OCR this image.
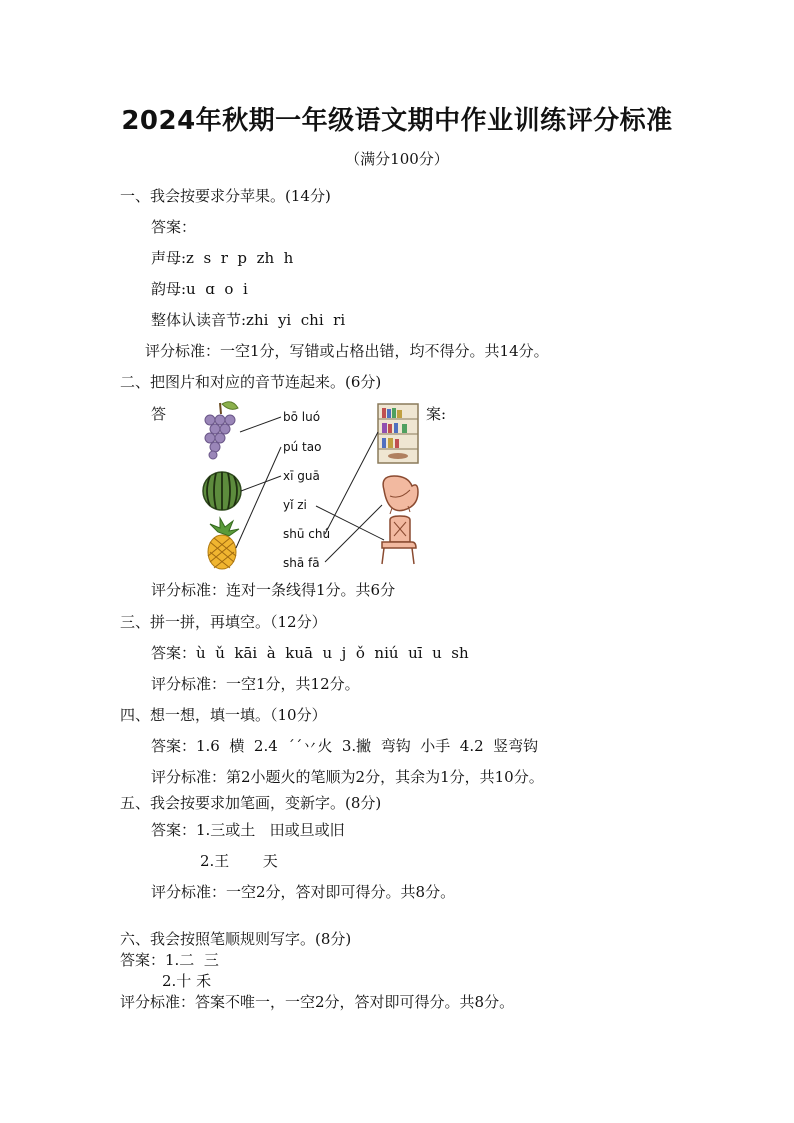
2024年秋期一年级语文期中作业训练评分标准
（满分100分）
一、我会按要求分苹果。(14分)
答案：
声母:z  s  r  p  zh  h
韵母:u  ɑ  o  i
整体认读音节:zhi  yi  chi  ri
评分标准：一空1分，写错或占格出错，均不得分。共14分。
二、把图片和对应的音节连起来。(6分)
答	案:
bō luó
pú tao
xī guā
yǐ zi
shū chú
shā fā
评分标准：连对一条线得1分。共6分
三、拼一拼，再填空。（12分）
答案：ù  ǔ  kāi  à  kuā  u  j  ǒ  niú  uī  u  sh
评分标准：一空1分，共12分。
四、想一想，填一填。（10分）
答案：1.6  横  2.4  ˊˊ丷火  3.撇  弯钩  小手  4.2  竖弯钩
评分标准：第2小题火的笔顺为2分，其余为1分，共10分。
五、我会按要求加笔画，变新字。(8分)
答案：1.三或土   田或旦或旧
2.王       天
评分标准：一空2分，答对即可得分。共8分。
六、我会按照笔顺规则写字。(8分)
答案：1.二  三
2.十 禾
评分标准：答案不唯一，一空2分，答对即可得分。共8分。
